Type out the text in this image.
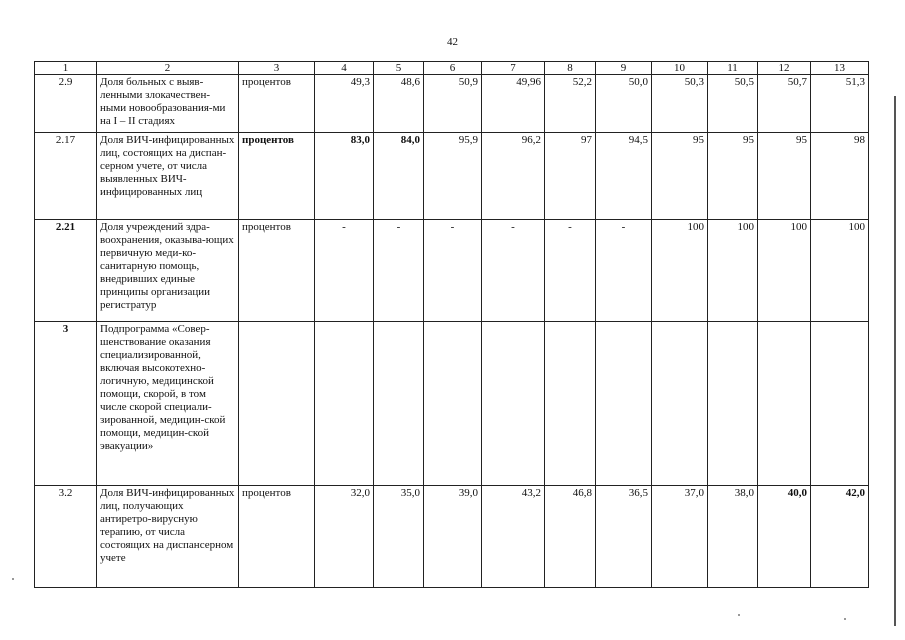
42
1	2	3	4	5	6	7	8	9	10	11	12	13
2.9	Доля больных с выяв-ленными злокачествен-ными новообразования-ми на I – II стадиях	процентов	49,3	48,6	50,9	49,96	52,2	50,0	50,3	50,5	50,7	51,3
2.17	Доля ВИЧ-инфицированных лиц, состоящих на диспан-серном учете, от числа выявленных ВИЧ-инфицированных лиц	процентов	83,0	84,0	95,9	96,2	97	94,5	95	95	95	98
2.21	Доля учреждений здра-воохранения, оказыва-ющих первичную меди-ко-санитарную помощь, внедривших единые принципы организации регистратур	процентов	-	-	-	-	-	-	100	100	100	100
3	Подпрограмма «Совер-шенствование оказания специализированной, включая высокотехно-логичную, медицинской помощи, скорой, в том числе скорой специали-зированной, медицин-ской помощи, медицин-ской эвакуации»											
3.2	Доля ВИЧ-инфицированных лиц, получающих антиретро-вирусную терапию, от числа состоящих на диспансерном учете	процентов	32,0	35,0	39,0	43,2	46,8	36,5	37,0	38,0	40,0	42,0
